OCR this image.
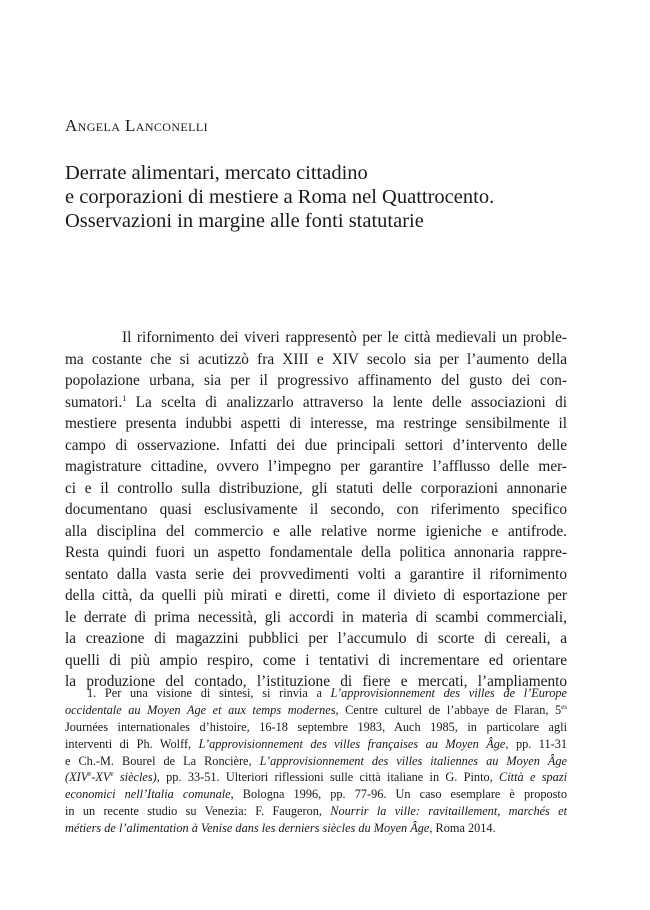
Angela Lanconelli
Derrate alimentari, mercato cittadino
e corporazioni di mestiere a Roma nel Quattrocento.
Osservazioni in margine alle fonti statutarie
Il rifornimento dei viveri rappresentò per le città medievali un proble-
ma costante che si acutizzò fra XIII e XIV secolo sia per l’aumento della
popolazione urbana, sia per il progressivo affinamento del gusto dei con-
sumatori.$^1$ La scelta di analizzarlo attraverso la lente delle associazioni di
mestiere presenta indubbi aspetti di interesse, ma restringe sensibilmente il
campo di osservazione. Infatti dei due principali settori d’intervento delle
magistrature cittadine, ovvero l’impegno per garantire l’afflusso delle mer-
ci e il controllo sulla distribuzione, gli statuti delle corporazioni annonarie
documentano quasi esclusivamente il secondo, con riferimento specifico
alla disciplina del commercio e alle relative norme igieniche e antifrode.
Resta quindi fuori un aspetto fondamentale della politica annonaria rappre-
sentato dalla vasta serie dei provvedimenti volti a garantire il rifornimento
della città, da quelli più mirati e diretti, come il divieto di esportazione per
le derrate di prima necessità, gli accordi in materia di scambi commerciali,
la creazione di magazzini pubblici per l’accumulo di scorte di cereali, a
quelli di più ampio respiro, come i tentativi di incrementare ed orientare
la produzione del contado, l’istituzione di fiere e mercati, l’ampliamento
1. Per una visione di sintesi, si rinvia a L’approvisionnement des villes de l’Europe
occidentale au Moyen Age et aux temps modernes, Centre culturel de l’abbaye de Flaran, 5$^{es}$
Journées internationales d’histoire, 16-18 septembre 1983, Auch 1985, in particolare agli
interventi di Ph. Wolff, L’approvisionnement des villes françaises au Moyen Âge, pp. 11-31
e Ch.-M. Bourel de La Roncière, L’approvisionnement des villes italiennes au Moyen Âge
(XIVe-XVe siècles), pp. 33-51. Ulteriori riflessioni sulle città italiane in G. Pinto, Città e spazi
economici nell’Italia comunale, Bologna 1996, pp. 77-96. Un caso esemplare è proposto
in un recente studio su Venezia: F. Faugeron, Nourrir la ville: ravitaillement, marchés et
métiers de l’alimentation à Venise dans les derniers siècles du Moyen Âge, Roma 2014.
